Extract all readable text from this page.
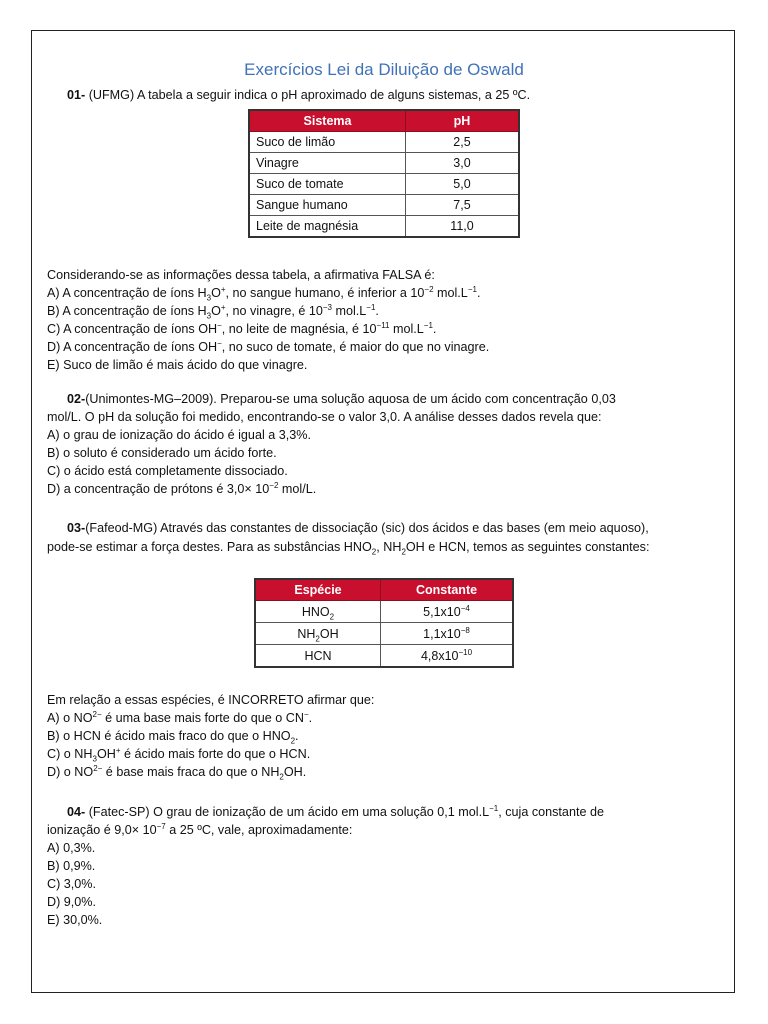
Exercícios Lei da Diluição de Oswald
01- (UFMG) A tabela a seguir indica o pH aproximado de alguns sistemas, a 25 ºC.
Sistema	pH
Suco de limão	2,5
Vinagre	3,0
Suco de tomate	5,0
Sangue humano	7,5
Leite de magnésia	11,0
Considerando-se as informações dessa tabela, a afirmativa FALSA é:
A) A concentração de íons $H_3O^+$, no sangue humano, é inferior a $10^{-2}$ $mol.L^{-1}$.
B) A concentração de íons $H_3O^+$, no vinagre, é $10^{-3}$ $mol.L^{-1}$.
C) A concentração de íons OH−, no leite de magnésia, é $10^{-11}$ $mol.L^{-1}$.
D) A concentração de íons OH−, no suco de tomate, é maior do que no vinagre.
E) Suco de limão é mais ácido do que vinagre.
02-(Unimontes-MG–2009). Preparou-se uma solução aquosa de um ácido com concentração 0,03
mol/L. O pH da solução foi medido, encontrando-se o valor 3,0. A análise desses dados revela que:
A) o grau de ionização do ácido é igual a 3,3%.
B) o soluto é considerado um ácido forte.
C) o ácido está completamente dissociado.
D) a concentração de prótons é $3,0\times 10^{-2}$ mol/L.
03-(Fafeod-MG) Através das constantes de dissociação (sic) dos ácidos e das bases (em meio aquoso),
pode-se estimar a força destes. Para as substâncias $HNO_2$, $NH_2OH$ e HCN, temos as seguintes constantes:
Espécie	Constante
$HNO_2$	$5,1x10^{-4}$
$NH_2OH$	$1,1x10^{-8}$
HCN	$4,8x10^{-10}$
Em relação a essas espécies, é INCORRETO afirmar que:
A) o $NO^{2-}$ é uma base mais forte do que o CN−.
B) o HCN é ácido mais fraco do que o $HNO_2$.
C) o $NH_3OH^+$ é ácido mais forte do que o HCN.
D) o $NO^{2-}$ é base mais fraca do que o $NH_2OH$.
04- (Fatec-SP) O grau de ionização de um ácido em uma solução 0,1 $mol.L^{-1}$, cuja constante de
ionização é $9,0\times 10^{-7}$ a 25 ºC, vale, aproximadamente:
A) 0,3%.
B) 0,9%.
C) 3,0%.
D) 9,0%.
E) 30,0%.
